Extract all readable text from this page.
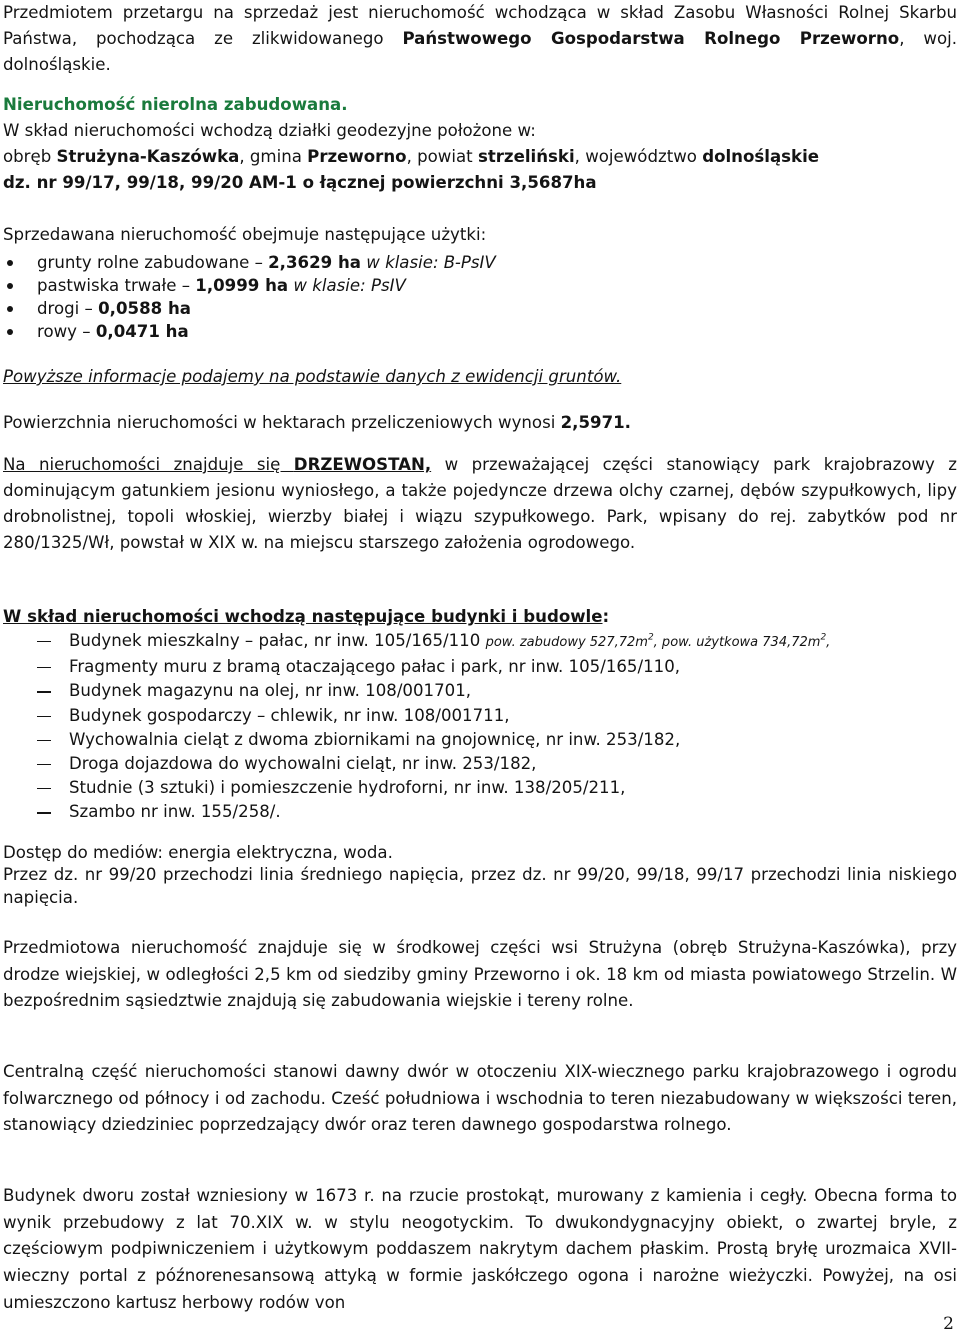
Przedmiotem przetargu na sprzedaż jest nieruchomość wchodząca w skład Zasobu Własności Rolnej Skarbu Państwa, pochodząca ze zlikwidowanego Państwowego Gospodarstwa Rolnego Przeworno, woj. dolnośląskie.

Nieruchomość nierolna zabudowana.

W skład nieruchomości wchodzą działki geodezyjne położone w:

obręb Strużyna-Kaszówka, gmina Przeworno, powiat strzeliński, województwo dolnośląskie

dz. nr 99/17, 99/18, 99/20 AM-1 o łącznej powierzchni 3,5687ha

Sprzedawana nieruchomość obejmuje następujące użytki:

grunty rolne zabudowane – 2,3629 ha w klasie: B-PsIV
pastwiska trwałe – 1,0999 ha w klasie: PsIV
drogi – 0,0588 ha
rowy – 0,0471 ha

Powyższe informacje podajemy na podstawie danych z ewidencji gruntów.

Powierzchnia nieruchomości w hektarach przeliczeniowych wynosi 2,5971.

Na nieruchomości znajduje się DRZEWOSTAN, w przeważającej części stanowiący park krajobrazowy z dominującym gatunkiem jesionu wyniosłego, a także pojedyncze drzewa olchy czarnej, dębów szypułkowych, lipy drobnolistnej, topoli włoskiej, wierzby białej i wiązu szypułkowego. Park, wpisany do rej. zabytków pod nr 280/1325/Wł, powstał w XIX w. na miejscu starszego założenia ogrodowego.

W skład nieruchomości wchodzą następujące budynki i budowle:

Budynek mieszkalny – pałac, nr inw. 105/165/110 pow. zabudowy $527,72m^2$, pow. użytkowa $734,72m^2$,
Fragmenty muru z bramą otaczającego pałac i park, nr inw. 105/165/110,
Budynek magazynu na olej, nr inw. 108/001701,
Budynek gospodarczy – chlewik, nr inw. 108/001711,
Wychowalnia cieląt z dwoma zbiornikami na gnojownicę, nr inw. 253/182,
Droga dojazdowa do wychowalni cieląt, nr inw. 253/182,
Studnie (3 sztuki) i pomieszczenie hydroforni, nr inw. 138/205/211,
Szambo nr inw. 155/258/.

Dostęp do mediów: energia elektryczna, woda.

Przez dz. nr 99/20 przechodzi linia średniego napięcia, przez dz. nr 99/20, 99/18, 99/17 przechodzi linia niskiego napięcia.

Przedmiotowa nieruchomość znajduje się w środkowej części wsi Strużyna (obręb Strużyna-Kaszówka), przy drodze wiejskiej, w odległości 2,5 km od siedziby gminy Przeworno i ok. 18 km od miasta powiatowego Strzelin. W bezpośrednim sąsiedztwie znajdują się zabudowania wiejskie i tereny rolne.

Centralną część nieruchomości stanowi dawny dwór w otoczeniu XIX-wiecznego parku krajobrazowego i ogrodu folwarcznego od północy i od zachodu. Cześć południowa i wschodnia to teren niezabudowany w większości teren, stanowiący dziedziniec poprzedzający dwór oraz teren dawnego gospodarstwa rolnego.

Budynek dworu został wzniesiony w 1673 r. na rzucie prostokąt, murowany z kamienia i cegły. Obecna forma to wynik przebudowy z lat 70.XIX w. w stylu neogotyckim. To dwukondygnacyjny obiekt, o zwartej bryle, z częściowym podpiwniczeniem i użytkowym poddaszem nakrytym dachem płaskim. Prostą bryłę urozmaica XVII-wieczny portal z późnorenesansową attyką w formie jaskółczego ogona i narożne wieżyczki. Powyżej, na osi umieszczono kartusz herbowy rodów von

2
